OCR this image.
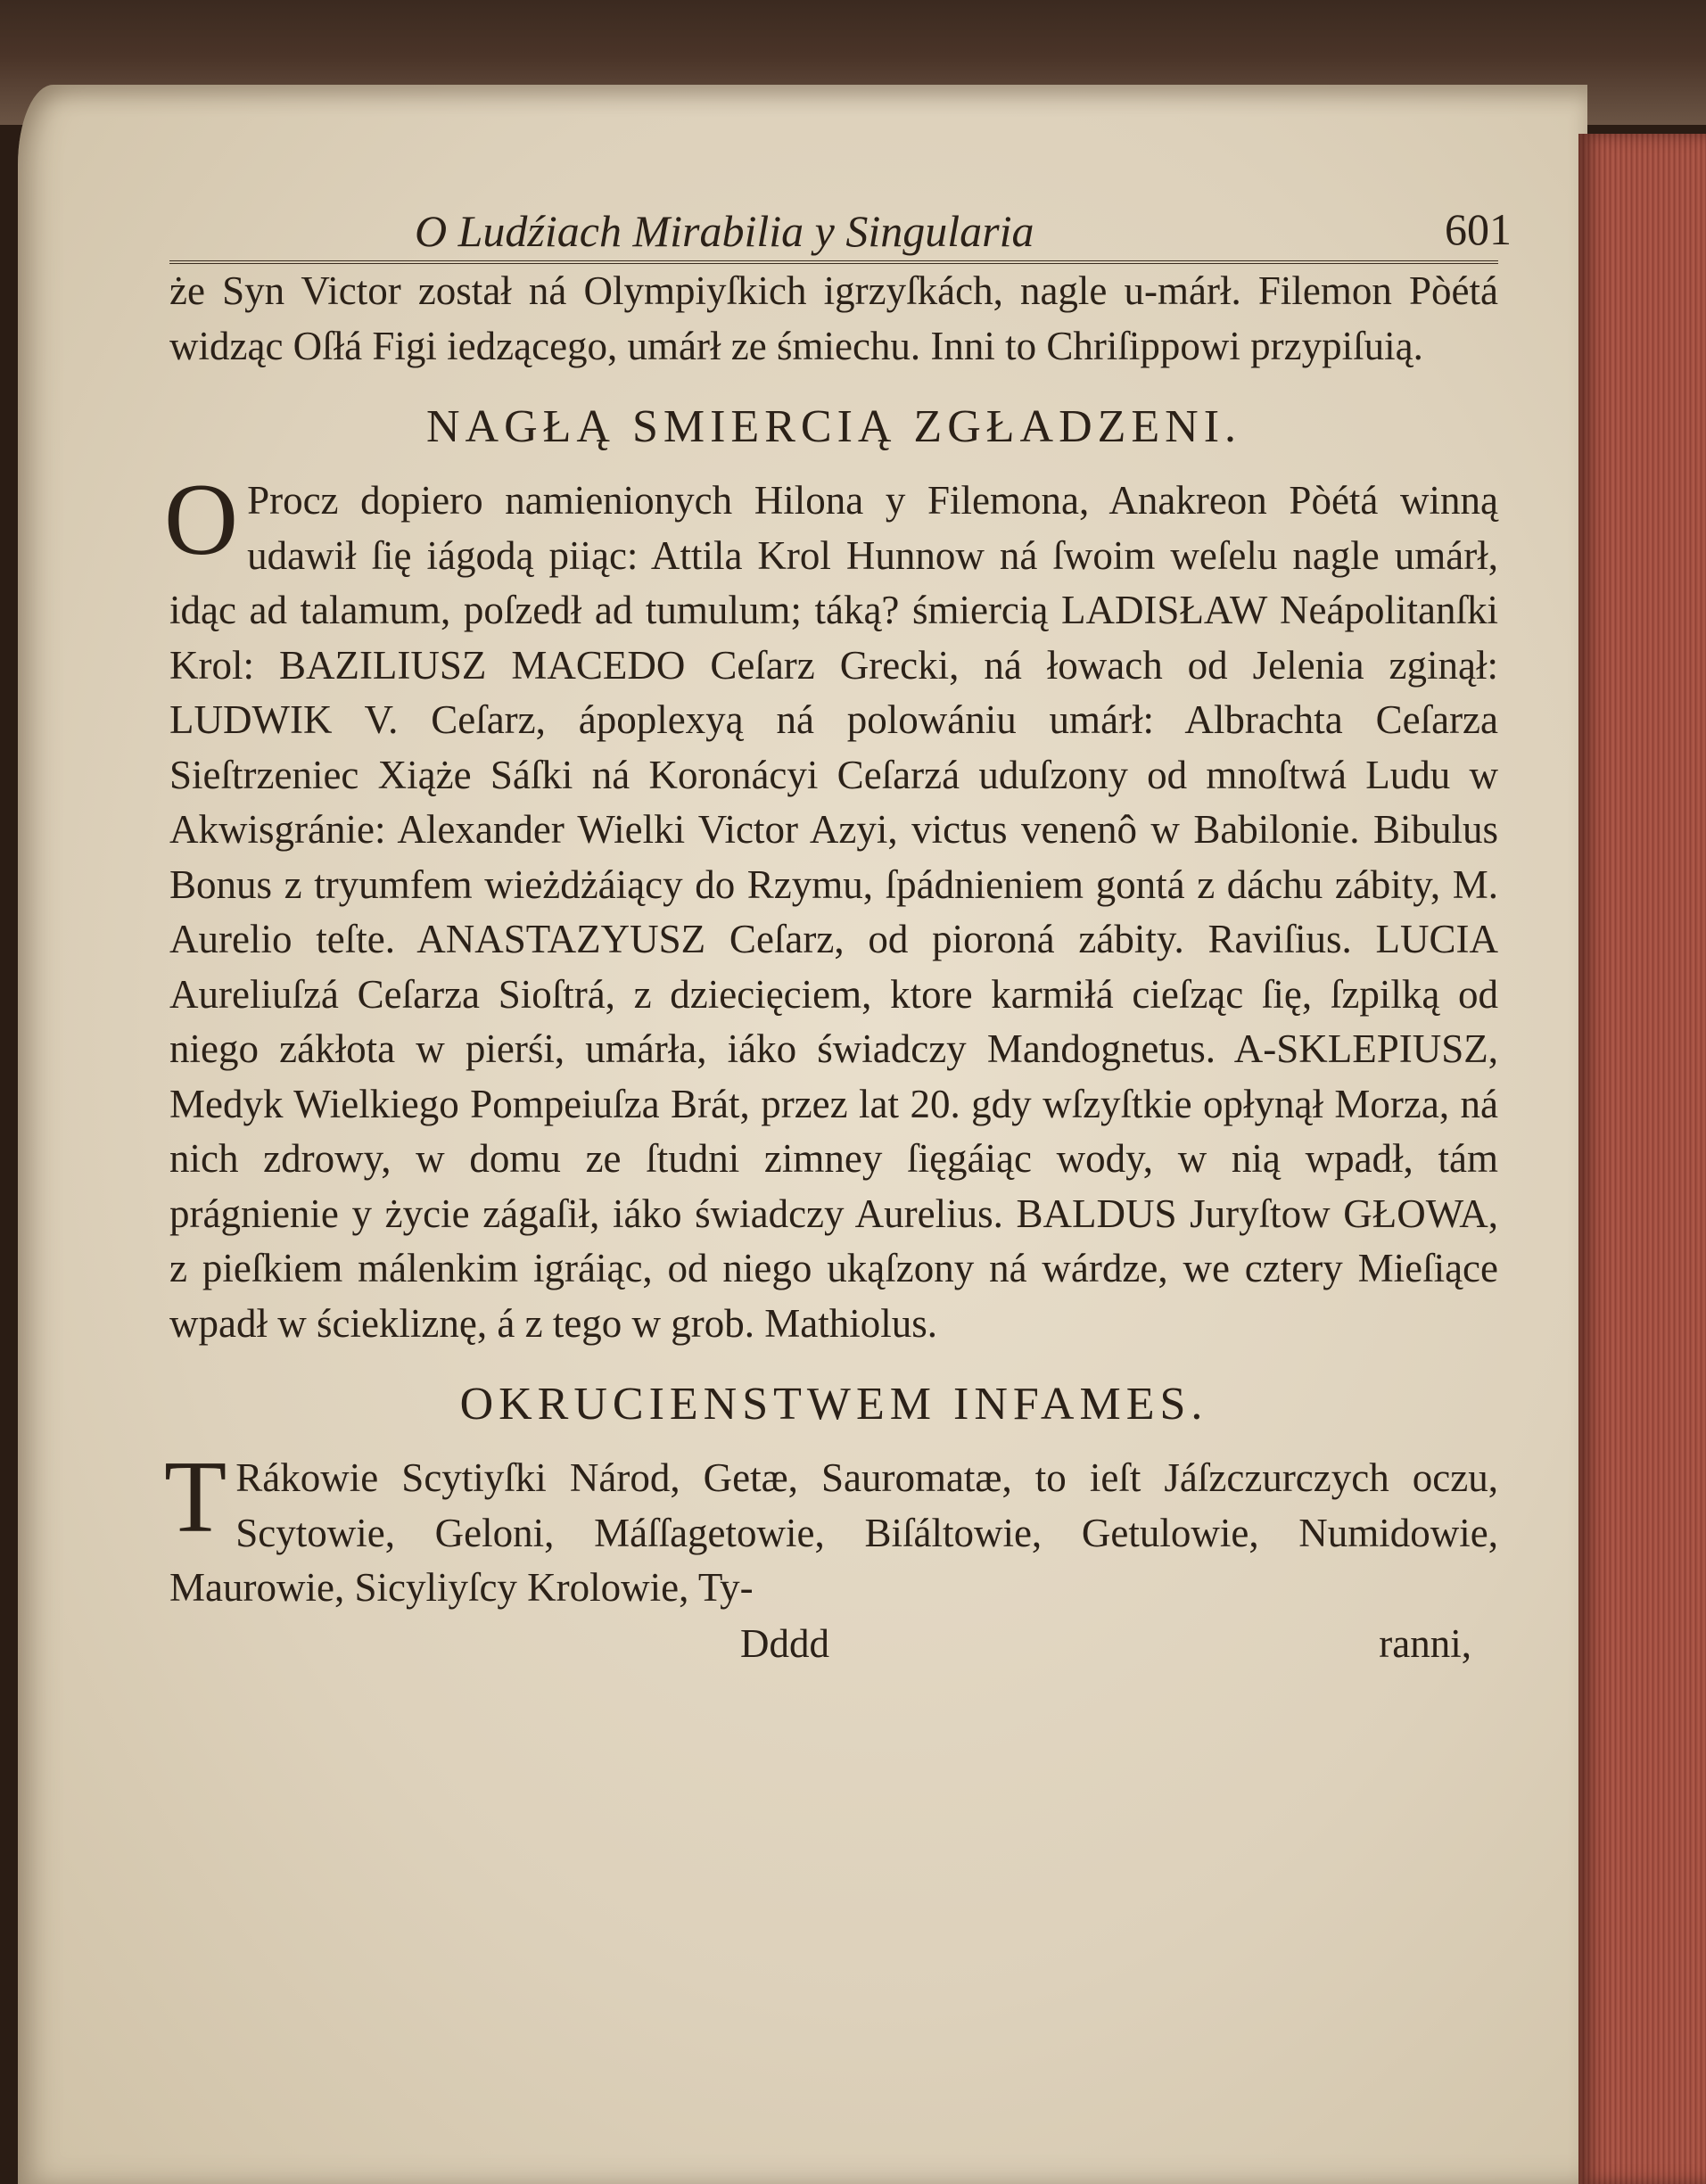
O Ludźiach Mirabilia y Singularia	601

że Syn Victor został ná Olympiyſkich igrzyſkách, nagle u-márł. Filemon Pòétá widząc Oſłá Figi iedzącego, umárł ze śmiechu. Inni to Chriſippowi przypiſuią.

NAGŁĄ SMIERCIĄ ZGŁADZENI.

O Procz dopiero namienionych Hilona y Filemona, Anakreon Pòétá winną udawił ſię iágodą piiąc: Attila Krol Hunnow ná ſwoim weſelu nagle umárł, idąc ad talamum, poſzedł ad tumulum; táką? śmiercią LADISŁAW Neápolitanſki Krol: BAZILIUSZ MACEDO Ceſarz Grecki, ná łowach od Jelenia zginął: LUDWIK V. Ceſarz, ápoplexyą ná polowániu umárł: Albrachta Ceſarza Sieſtrzeniec Xiąże Sáſki ná Koronácyi Ceſarzá uduſzony od mnoſtwá Ludu w Akwisgránie: Alexander Wielki Victor Azyi, victus venenô w Babilonie. Bibulus Bonus z tryumfem wieżdżáiący do Rzymu, ſpádnieniem gontá z dáchu zábity, M. Aurelio teſte. ANASTAZYUSZ Ceſarz, od pioroná zábity. Raviſius. LUCIA Aureliuſzá Ceſarza Sioſtrá, z dziecięciem, ktore karmiłá cieſząc ſię, ſzpilką od niego zákłota w pierśi, umárła, iáko świadczy Mandognetus. A-SKLEPIUSZ, Medyk Wielkiego Pompeiuſza Brát, przez lat 20. gdy wſzyſtkie opłynął Morza, ná nich zdrowy, w domu ze ſtudni zimney ſięgáiąc wody, w nią wpadł, tám prágnienie y życie zágaſił, iáko świadczy Aurelius. BALDUS Juryſtow GŁOWA, z pieſkiem málenkim igráiąc, od niego ukąſzony ná wárdze, we cztery Mieſiące wpadł w ściekliznę, á z tego w grob. Mathiolus.

OKRUCIENSTWEM INFAMES.

T Rákowie Scytiyſki Národ, Getæ, Sauromatæ, to ieſt Jáſzczurczych oczu, Scytowie, Geloni, Máſſagetowie, Biſáltowie, Getulowie, Numidowie, Maurowie, Sicyliyſcy Krolowie, Ty-

Dddd	ranni,
